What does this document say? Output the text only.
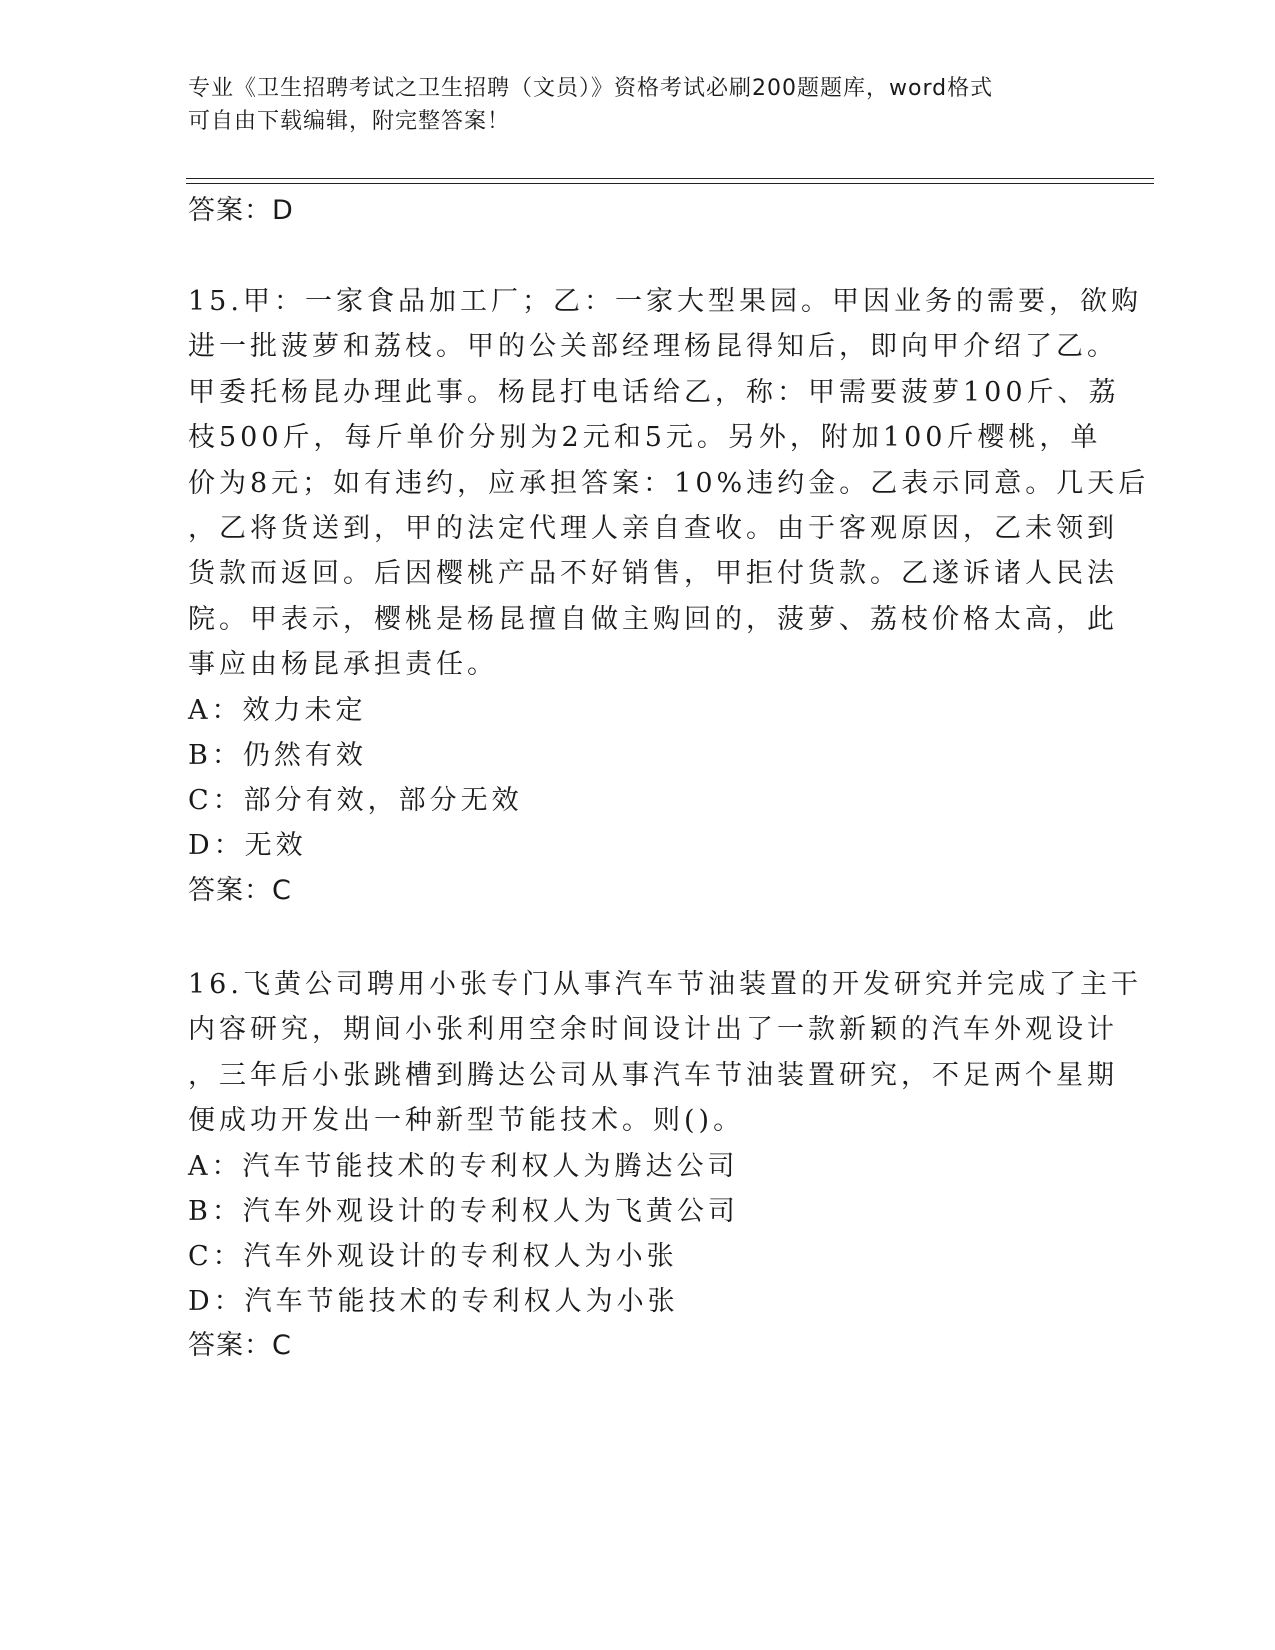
专业《卫生招聘考试之卫生招聘（文员）》资格考试必刷200题题库，word格式
可自由下载编辑，附完整答案！
答案：D

15.甲：一家食品加工厂；乙：一家大型果园。甲因业务的需要，欲购

进一批菠萝和荔枝。甲的公关部经理杨昆得知后，即向甲介绍了乙。

甲委托杨昆办理此事。杨昆打电话给乙，称：甲需要菠萝100斤、荔

枝500斤，每斤单价分别为2元和5元。另外，附加100斤樱桃，单

价为8元；如有违约，应承担答案：10%违约金。乙表示同意。几天后

，乙将货送到，甲的法定代理人亲自查收。由于客观原因，乙未领到

货款而返回。后因樱桃产品不好销售，甲拒付货款。乙遂诉诸人民法

院。甲表示，樱桃是杨昆擅自做主购回的，菠萝、荔枝价格太高，此

事应由杨昆承担责任。

A：效力未定

B：仍然有效

C：部分有效，部分无效

D：无效

答案：C

16.飞黄公司聘用小张专门从事汽车节油装置的开发研究并完成了主干

内容研究，期间小张利用空余时间设计出了一款新颖的汽车外观设计

，三年后小张跳槽到腾达公司从事汽车节油装置研究，不足两个星期

便成功开发出一种新型节能技术。则()。

A：汽车节能技术的专利权人为腾达公司

B：汽车外观设计的专利权人为飞黄公司

C：汽车外观设计的专利权人为小张

D：汽车节能技术的专利权人为小张

答案：C
